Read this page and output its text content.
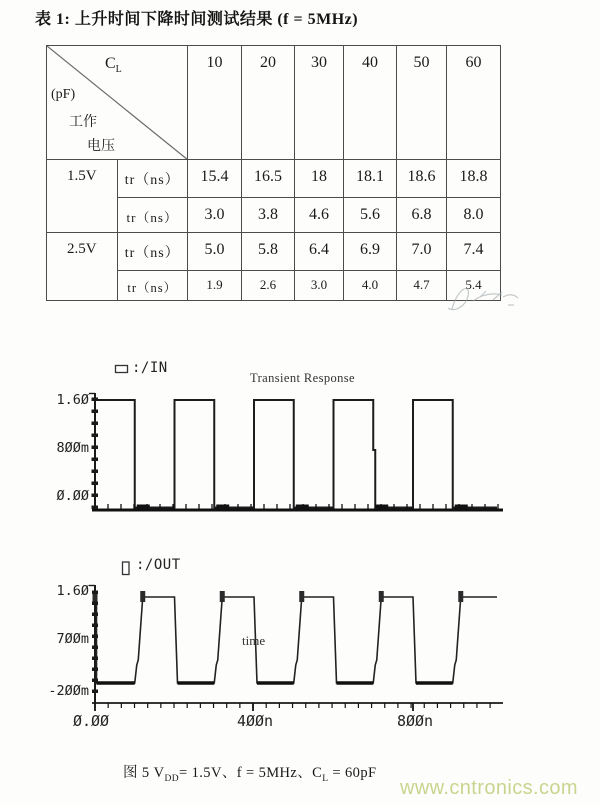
表 1: 上升时间下降时间测试结果 (f = 5MHz)
$C_L$
(pF)
工作
电压		10	20	30	40	50	60
1.5V	tr（ns）	15.4	16.5	18	18.1	18.6	18.8
	tr（ns）	3.0	3.8	4.6	5.6	6.8	8.0
2.5V	tr（ns）	5.0	5.8	6.4	6.9	7.0	7.4
	tr（ns）	1.9	2.6	3.0	4.0	4.7	5.4
:/IN
Transient Response
1.6Ø
8ØØm
Ø.ØØ
:/OUT
1.6Ø
7ØØm
-2ØØm
time
Ø.ØØ	4ØØn	8ØØn
图 5 $V_{DD}= 1.5V$、f = 5MHz、$C_L = 60pF$
www.cntronics.com
